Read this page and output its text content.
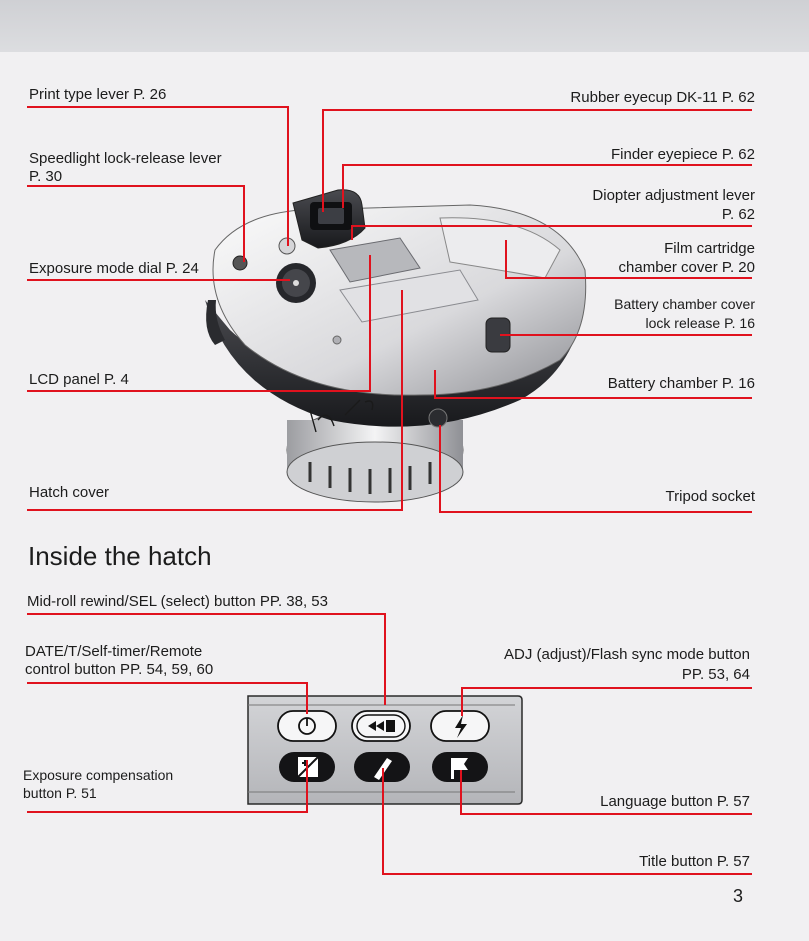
Print type lever P. 26
Speedlight lock-release lever
P. 30
Exposure mode dial P. 24
LCD panel P. 4
Hatch cover
Rubber eyecup DK-11 P. 62
Finder eyepiece P. 62
Diopter adjustment lever
P. 62
Film cartridge
chamber cover P. 20
Battery chamber cover
lock release P. 16
Battery chamber P. 16
Tripod socket
Inside the hatch
Mid-roll rewind/SEL (select) button PP. 38, 53
DATE/T/Self-timer/Remote
control button PP. 54, 59, 60
ADJ (adjust)/Flash sync mode button
PP. 53, 64
Exposure compensation
button P. 51	Language button P. 57
Title button P. 57
3
